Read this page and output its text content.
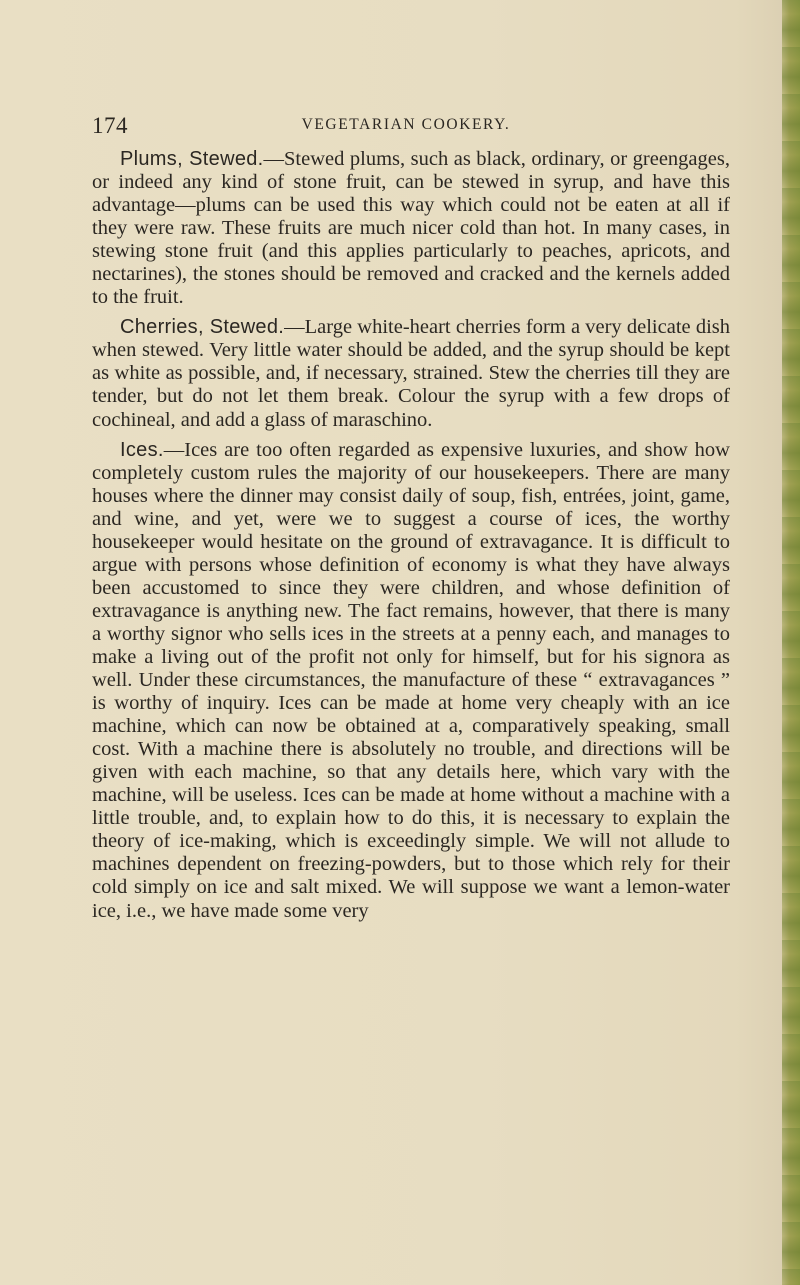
174	VEGETARIAN COOKERY.

Plums, Stewed.—Stewed plums, such as black, ordinary, or greengages, or indeed any kind of stone fruit, can be stewed in syrup, and have this advantage—plums can be used this way which could not be eaten at all if they were raw. These fruits are much nicer cold than hot. In many cases, in stewing stone fruit (and this applies particularly to peaches, apricots, and nectarines), the stones should be removed and cracked and the kernels added to the fruit.

Cherries, Stewed.—Large white-heart cherries form a very delicate dish when stewed. Very little water should be added, and the syrup should be kept as white as possible, and, if necessary, strained. Stew the cherries till they are tender, but do not let them break. Colour the syrup with a few drops of cochineal, and add a glass of maraschino.

Ices.—Ices are too often regarded as expensive luxuries, and show how completely custom rules the majority of our housekeepers. There are many houses where the dinner may consist daily of soup, fish, entrées, joint, game, and wine, and yet, were we to suggest a course of ices, the worthy housekeeper would hesitate on the ground of extravagance. It is difficult to argue with persons whose definition of economy is what they have always been accustomed to since they were children, and whose definition of extravagance is anything new. The fact remains, however, that there is many a worthy signor who sells ices in the streets at a penny each, and manages to make a living out of the profit not only for himself, but for his signora as well. Under these circumstances, the manufacture of these “ extravagances ” is worthy of inquiry. Ices can be made at home very cheaply with an ice machine, which can now be obtained at a, comparatively speaking, small cost. With a machine there is absolutely no trouble, and directions will be given with each machine, so that any details here, which vary with the machine, will be useless. Ices can be made at home without a machine with a little trouble, and, to explain how to do this, it is necessary to explain the theory of ice-making, which is exceedingly simple. We will not allude to machines dependent on freezing-powders, but to those which rely for their cold simply on ice and salt mixed. We will suppose we want a lemon-water ice, i.e., we have made some very
